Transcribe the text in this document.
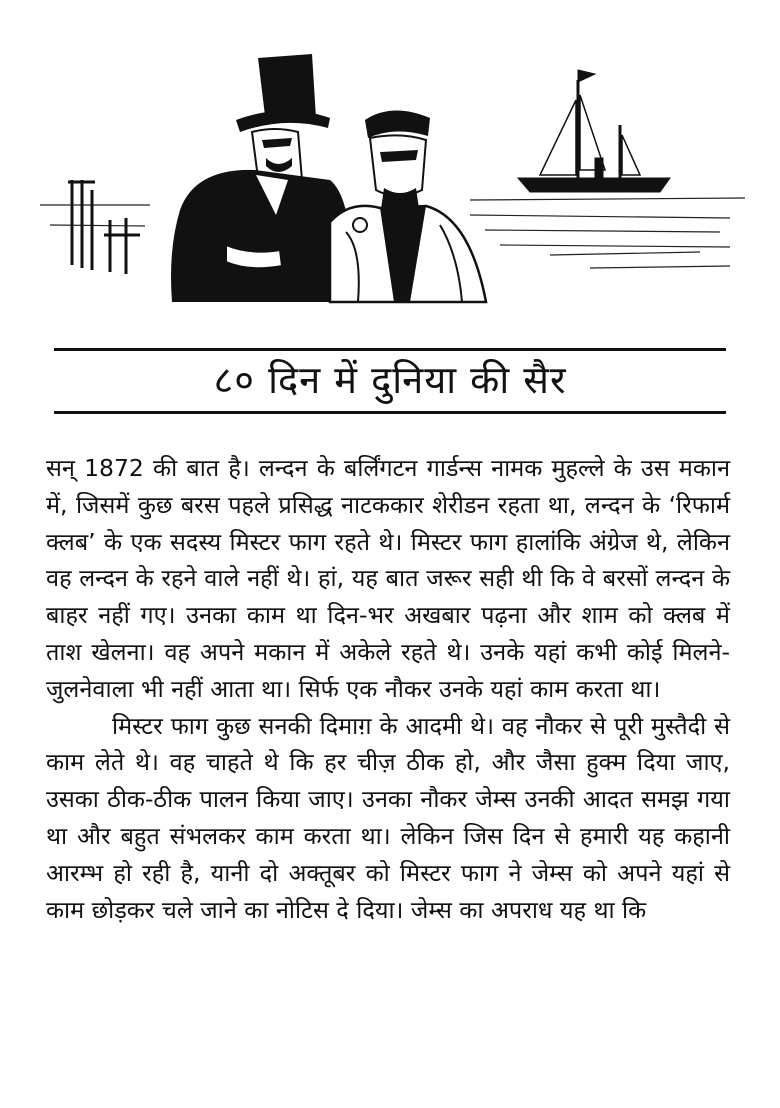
८० दिन में दुनिया की सैर

सन् 1872 की बात है। लन्दन के बर्लिंगटन गार्डन्स नामक मुहल्ले के उस मकान में, जिसमें कुछ बरस पहले प्रसिद्ध नाटककार शेरीडन रहता था, लन्दन के ‘रिफार्म क्लब’ के एक सदस्य मिस्टर फाग रहते थे। मिस्टर फाग हालांकि अंग्रेज थे, लेकिन वह लन्दन के रहने वाले नहीं थे। हां, यह बात जरूर सही थी कि वे बरसों लन्दन के बाहर नहीं गए। उनका काम था दिन-भर अखबार पढ़ना और शाम को क्लब में ताश खेलना। वह अपने मकान में अकेले रहते थे। उनके यहां कभी कोई मिलने-जुलनेवाला भी नहीं आता था। सिर्फ एक नौकर उनके यहां काम करता था।

मिस्टर फाग कुछ सनकी दिमाग़ के आदमी थे। वह नौकर से पूरी मुस्तैदी से काम लेते थे। वह चाहते थे कि हर चीज़ ठीक हो, और जैसा हुक्म दिया जाए, उसका ठीक-ठीक पालन किया जाए। उनका नौकर जेम्स उनकी आदत समझ गया था और बहुत संभलकर काम करता था। लेकिन जिस दिन से हमारी यह कहानी आरम्भ हो रही है, यानी दो अक्तूबर को मिस्टर फाग ने जेम्स को अपने यहां से काम छोड़कर चले जाने का नोटिस दे दिया। जेम्स का अपराध यह था कि
